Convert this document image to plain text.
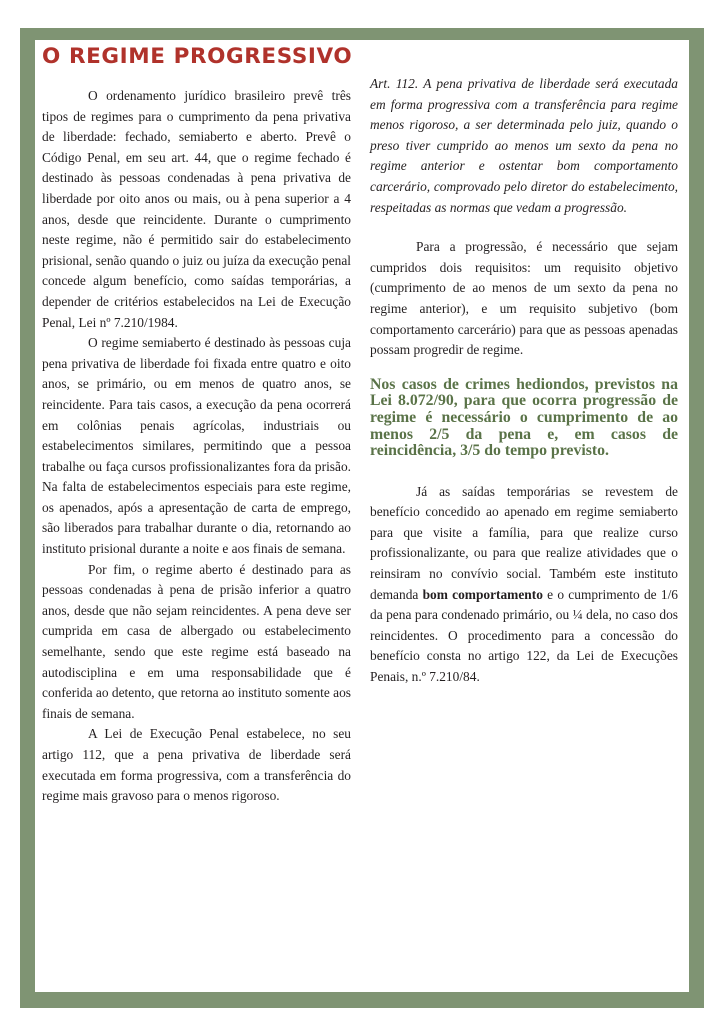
O REGIME PROGRESSIVO

O ordenamento jurídico brasileiro prevê três tipos de regimes para o cumprimento da pena privativa de liberdade: fechado, semiaberto e aberto. Prevê o Código Penal, em seu art. 44, que o regime fechado é destinado às pessoas condenadas à pena privativa de liberdade por oito anos ou mais, ou à pena superior a 4 anos, desde que reincidente. Durante o cumprimento neste regime, não é permitido sair do estabelecimento prisional, senão quando o juiz ou juíza da execução penal concede algum benefício, como saídas temporárias, a depender de critérios estabelecidos na Lei de Execução Penal, Lei nº 7.210/1984.

O regime semiaberto é destinado às pessoas cuja pena privativa de liberdade foi fixada entre quatro e oito anos, se primário, ou em menos de quatro anos, se reincidente. Para tais casos, a execução da pena ocorrerá em colônias penais agrícolas, industriais ou estabelecimentos similares, permitindo que a pessoa trabalhe ou faça cursos profissionalizantes fora da prisão. Na falta de estabelecimentos especiais para este regime, os apenados, após a apresentação de carta de emprego, são liberados para trabalhar durante o dia, retornando ao instituto prisional durante a noite e aos finais de semana.

Por fim, o regime aberto é destinado para as pessoas condenadas à pena de prisão inferior a quatro anos, desde que não sejam reincidentes. A pena deve ser cumprida em casa de albergado ou estabelecimento semelhante, sendo que este regime está baseado na autodisciplina e em uma responsabilidade que é conferida ao detento, que retorna ao instituto somente aos finais de semana.

A Lei de Execução Penal estabelece, no seu artigo 112, que a pena privativa de liberdade será executada em forma progressiva, com a transferência do regime mais gravoso para o menos rigoroso.

Art. 112. A pena privativa de liberdade será executada em forma progressiva com a transferência para regime menos rigoroso, a ser determinada pelo juiz, quando o preso tiver cumprido ao menos um sexto da pena no regime anterior e ostentar bom comportamento carcerário, comprovado pelo diretor do estabelecimento, respeitadas as normas que vedam a progressão.

Para a progressão, é necessário que sejam cumpridos dois requisitos: um requisito objetivo (cumprimento de ao menos de um sexto da pena no regime anterior), e um requisito subjetivo (bom comportamento carcerário) para que as pessoas apenadas possam progredir de regime.

Nos casos de crimes hediondos, previstos na Lei 8.072/90, para que ocorra progressão de regime é necessário o cumprimento de ao menos 2/5 da pena e, em casos de reincidência, 3/5 do tempo previsto.

Já as saídas temporárias se revestem de benefício concedido ao apenado em regime semiaberto para que visite a família, para que realize curso profissionalizante, ou para que realize atividades que o reinsiram no convívio social. Também este instituto demanda bom comportamento e o cumprimento de 1/6 da pena para condenado primário, ou ¼ dela, no caso dos reincidentes. O procedimento para a concessão do benefício consta no artigo 122, da Lei de Execuções Penais, n.º 7.210/84.
